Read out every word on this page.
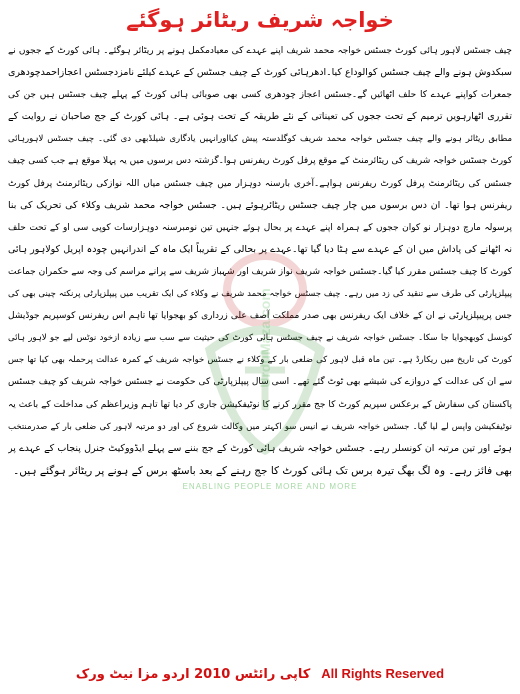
خواجہ شریف ریٹائر ہوگئے
چیف جسٹس لاہور ہائی کورٹ جسٹس خواجہ محمد شریف اپنے عہدے کی معیادمکمل ہونے پر ریٹائر ہوگئے۔ ہائی کورٹ کے ججوں نے
سبکدوش ہونے والے چیف جسٹس کوالوداع کیا۔ادھرہائی کورٹ کے چیف جسٹس کے عہدے کیلئے نامزدجسٹس اعجازاحمدچودھری
جمعرات کواپنے عہدے کا حلف اٹھائیں گے۔جسٹس اعجاز چودھری کسی بھی صوبائی ہائی کورٹ کے پہلے چیف جسٹس ہیں جن کی
تقرری اٹھارہویں ترمیم کے تحت ججوں کی تعیناتی کے نئے طریقہ کے تحت ہوئی ہے۔ ہائی کورٹ کے جج صاحبان نے روایت کے
مطابق ریٹائر ہونے والے چیف جسٹس خواجہ محمد شریف کوگلدستہ پیش کیااورانہیں یادگاری شیلڈبھی دی گئی۔ چیف جسٹس لاہورہائی
کورٹ جسٹس خواجہ شریف کی ریٹائرمنٹ کے موقع پرفل کورٹ ریفرنس ہوا۔گزشتہ دس برسوں میں یہ پہلا موقع ہے جب کسی چیف
جسٹس کی ریٹائرمنٹ پرفل کورٹ ریفرنس ہواہے۔آخری بارسنہ دوہزار میں چیف جسٹس میاں اللہ نوازکی ریٹائرمنٹ پرفل کورٹ
ریفرنس ہوا تھا۔ ان دس برسوں میں چار چیف جسٹس ریٹائرہوئے ہیں۔ جسٹس خواجہ محمد شریف وکلاء کی تحریک کی بنا
پرسولہ مارچ دوہزار نو کوان ججوں کے ہمراہ اپنے عہدے پر بحال ہوئے جنہیں تین نومبرسنہ دوہزارسات کوپی سی او کے تحت حلف
نہ اٹھانے کی پاداش میں ان کے عہدے سے ہٹا دیا گیا تھا۔عہدے پر بحالی کے تقریباً ایک ماہ کے اندرانہیں چودہ اپریل کولاہور ہائی
کورٹ کا چیف جسٹس مقرر کیا گیا۔جسٹس خواجہ شریف نواز شریف اور شہباز شریف سے پرانے مراسم کی وجہ سے حکمران جماعت
پیپلزپارٹی کی طرف سے تنقید کی زد میں رہے۔ چیف جسٹس خواجہ محمد شریف نے وکلاء کی ایک تقریب میں پیپلزپارٹی پرنکتہ چینی بھی کی
جس پرپیپلزپارٹی نے ان کے خلاف ایک ریفرنس بھی صدر مملکت آصف علی زرداری کو بھجوایا تھا تاہم اس ریفرنس کوسپریم جوڈیشل
کونسل کوبھجوایا جا سکا۔ جسٹس خواجہ شریف نے چیف جسٹس ہائی کورٹ کی حیثیت سے سب سے زیادہ ازخود نوٹس لیے جو لاہور ہائی
کورٹ کی تاریخ میں ریکارڈ ہے۔ تین ماہ قبل لاہور کی ضلعی بار کے وکلاء نے جسٹس خواجہ شریف کے کمرہ عدالت پرحملہ بھی کیا تھا جس
سے ان کی عدالت کے دروازے کی شیشے بھی ٹوٹ گئے تھے۔ اسی سال پیپلزپارٹی کی حکومت نے جسٹس خواجہ شریف کو چیف جسٹس
پاکستان کی سفارش کے برعکس سپریم کورٹ کا جج مقرر کرنے کا نوٹیفکیشن جاری کر دیا تھا تاہم وزیراعظم کی مداخلت کے باعث یہ
نوٹیفکیشن واپس لے لیا گیا۔ جسٹس خواجہ شریف نے انیس سو اکہتر میں وکالت شروع کی اور دو مرتبہ لاہور کی ضلعی بار کے صدرمنتخب
ہوئے اور تین مرتبہ ان کونسلر رہے۔ جسٹس خواجہ شریف ہائی کورٹ کے جج بننے سے پہلے ایڈووکیٹ جنرل پنجاب کے عہدے پر
بھی فائز رہے۔ وہ لگ بھگ تیرہ برس تک ہائی کورٹ کا جج رہنے کے بعد باسٹھ برس کے ہونے پر ریٹائر ہوگئے ہیں۔
UrduMaza.com
ENABLING PEOPLE MORE AND MORE
کاپی رائٹس 2010 اردو مزا نیٹ ورک All Rights Reserved
